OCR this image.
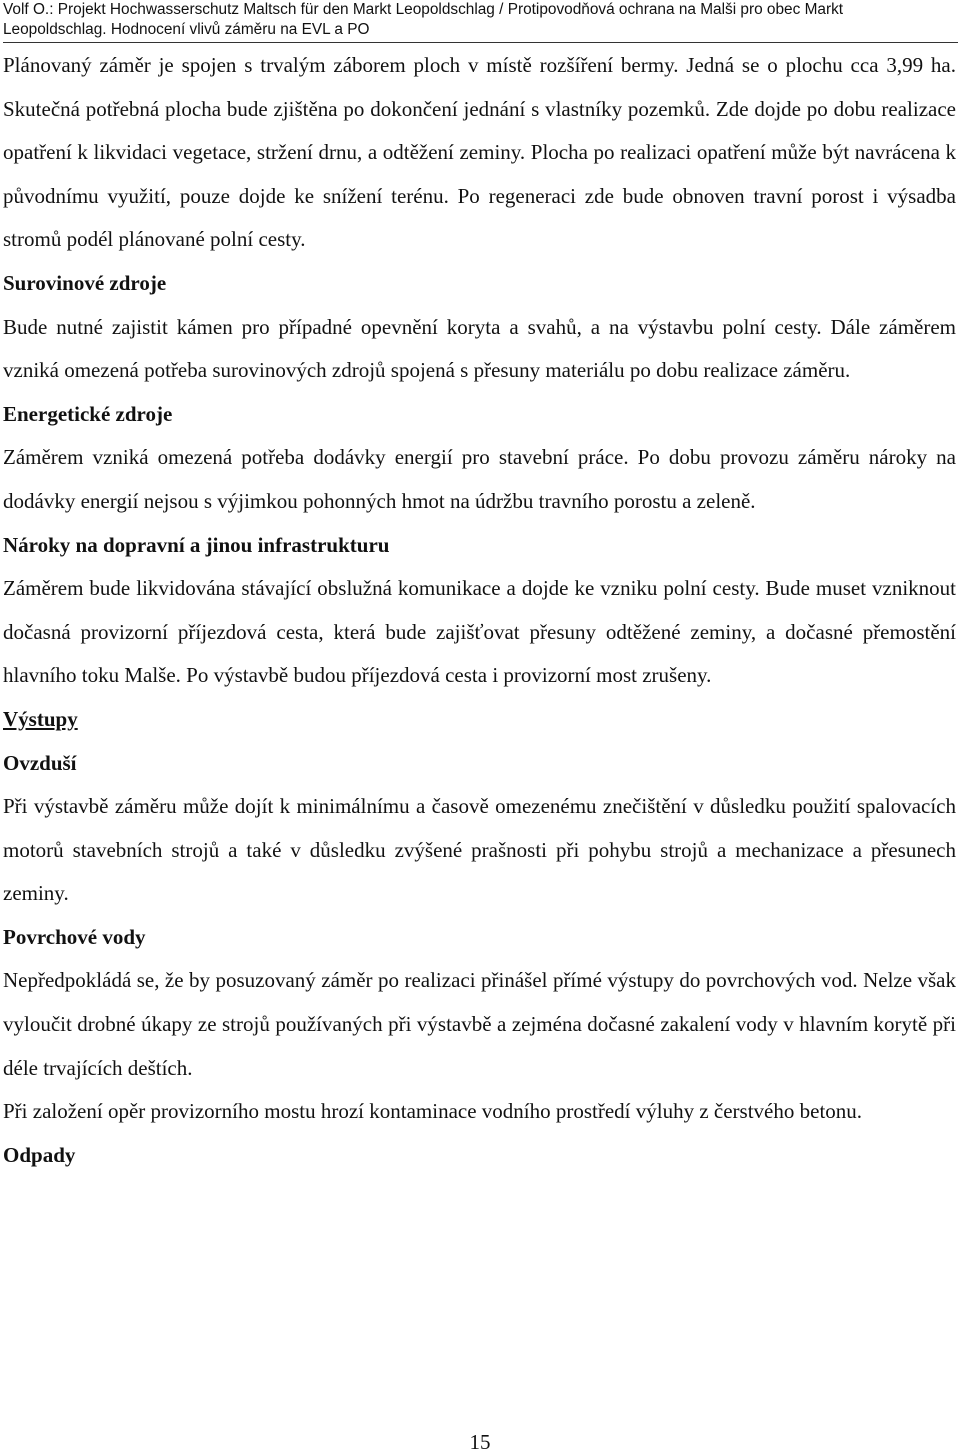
Volf O.: Projekt Hochwasserschutz Maltsch für den Markt Leopoldschlag / Protipovodňová ochrana na Malši pro obec Markt
Leopoldschlag. Hodnocení vlivů záměru na EVL a PO

Plánovaný záměr je spojen s trvalým záborem ploch v místě rozšíření bermy. Jedná se o plochu cca 3,99 ha. Skutečná potřebná plocha bude zjištěna po dokončení jednání s vlastníky pozemků. Zde dojde po dobu realizace opatření k likvidaci vegetace, stržení drnu, a odtěžení zeminy. Plocha po realizaci opatření může být navrácena k původnímu využití, pouze dojde ke snížení terénu. Po regeneraci zde bude obnoven travní porost i výsadba stromů podél plánované polní cesty.

Surovinové zdroje

Bude nutné zajistit kámen pro případné opevnění koryta a svahů, a na výstavbu polní cesty. Dále záměrem vzniká omezená potřeba surovinových zdrojů spojená s přesuny materiálu po dobu realizace záměru.

Energetické zdroje

Záměrem vzniká omezená potřeba dodávky energií pro stavební práce. Po dobu provozu záměru nároky na dodávky energií nejsou s výjimkou pohonných hmot na údržbu travního porostu a zeleně.

Nároky na dopravní a jinou infrastrukturu

Záměrem bude likvidována stávající obslužná komunikace a dojde ke vzniku polní cesty. Bude muset vzniknout dočasná provizorní příjezdová cesta, která bude zajišťovat přesuny odtěžené zeminy, a dočasné přemostění hlavního toku Malše. Po výstavbě budou příjezdová cesta i provizorní most zrušeny.

Výstupy

Ovzduší

Při výstavbě záměru může dojít k minimálnímu a časově omezenému znečištění v důsledku použití spalovacích motorů stavebních strojů a také v důsledku zvýšené prašnosti při pohybu strojů a mechanizace a přesunech zeminy.

Povrchové vody

Nepředpokládá se, že by posuzovaný záměr po realizaci přinášel přímé výstupy do povrchových vod. Nelze však vyloučit drobné úkapy ze strojů používaných při výstavbě a zejména dočasné zakalení vody v hlavním korytě při déle trvajících deštích.

Při založení opěr provizorního mostu hrozí kontaminace vodního prostředí výluhy z čerstvého betonu.

Odpady

15
